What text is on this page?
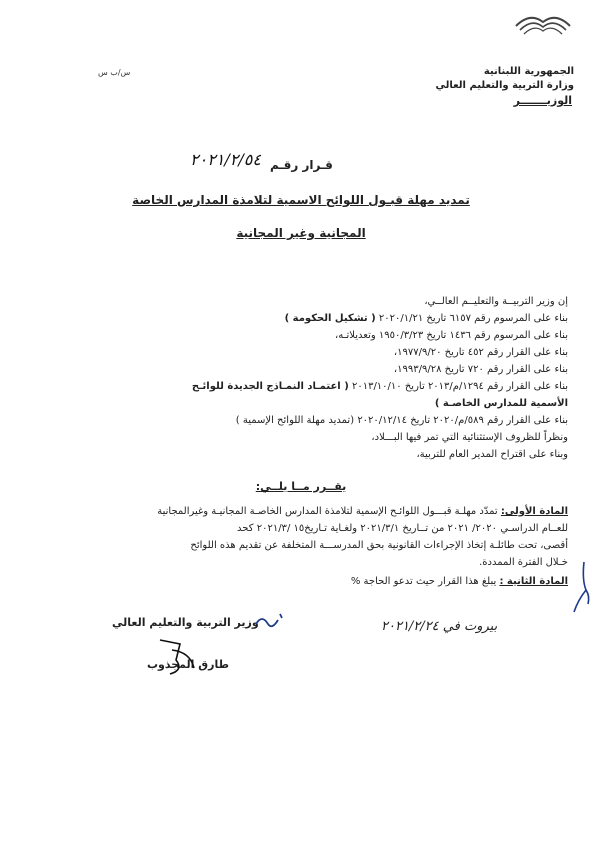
س/ب س	الجمهورية اللبنانية
وزارة التربية والتعليم العالي
الوزيـــــــر
٢٠٢١/٢/٥٤ قـرار رقـم
تمديد مهلة قبـول اللوائح الاسمية لتلامذة المدارس الخاصة
المجانية وغير المجانية
إن وزير التربيــة والتعليــم العالــي،
بناء على المرسوم رقم ٦١٥٧ تاريخ ٢٠٢٠/١/٢١ ( تشكيل الحكومة )
بناء على المرسوم رقم ١٤٣٦ تاريخ ١٩٥٠/٣/٢٣ وتعديلاتـه،
بناء على القرار رقم ٤٥٢ تاريخ ١٩٧٧/٩/٢٠،
بناء على القرار رقم ٧٢٠ تاريخ ١٩٩٣/٩/٢٨،
بناء على القرار رقم ١٢٩٤/م/٢٠١٣ تاريخ ٢٠١٣/١٠/١٠ ( اعتمـاد النمـاذج الجديدة للوائـح
الأسمية للمدارس الخاصـة )
بناء على القرار رقم ٥٨٩/م/٢٠٢٠ تاريخ ٢٠٢٠/١٢/١٤ (تمديد مهلة اللوائح الإسمية )
ونظراً للظروف الإستثنائية التي تمر فيها البـــلاد،
وبناء على اقتراح المدير العام للتربية،
يقــرر مــا يلــي:
المادة الأولى: تمدّد مهلـة قبـــول اللوائـح الإسمية لتلامذة المدارس الخاصـة المجانيـة وغيرالمجانية
للعــام الدراسـي ٢٠٢٠/ ٢٠٢١ من تــاريخ ٢٠٢١/٣/١ ولغـاية تـاريخ١٥ /٢٠٢١/٣ كحد
أقصى، تحت طائلـة إتخاذ الإجراءات القانونية بحق المدرســـة المتخلفة عن تقديم هذه اللوائح
خـلال الفترة الممددة.
المادة الثانية : يبلغ هذا القرار حيث تدعو الحاجة %
وزير التربية والتعليم العالي
طارق المجذوب
بيروت في ٢٠٢١/٢/٢٤
